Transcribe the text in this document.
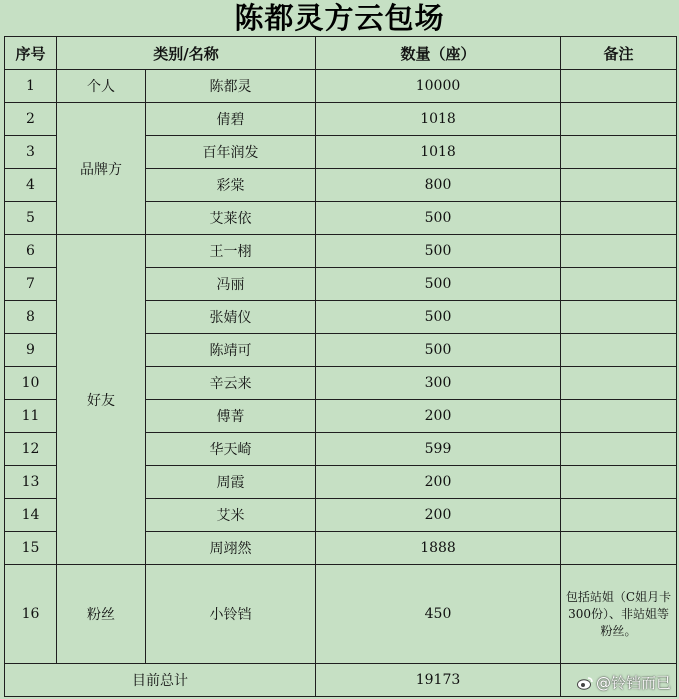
陈都灵方云包场
序号	类别/名称		数量（座）	备注
1	个人	陈都灵	10000	
2	品牌方	倩碧	1018	
3		百年润发	1018	
4		彩棠	800	
5		艾莱依	500	
6	好友	王一栩	500	
7		冯丽	500	
8		张婧仪	500	
9		陈靖可	500	
10		辛云来	300	
11		傅菁	200	
12		华天崎	599	
13		周霞	200	
14		艾米	200	
15		周翊然	1888	
16	粉丝	小铃铛	450	包括站姐（C姐月卡300份）、非站姐等粉丝。
目前总计			19173		@铃铛而已
